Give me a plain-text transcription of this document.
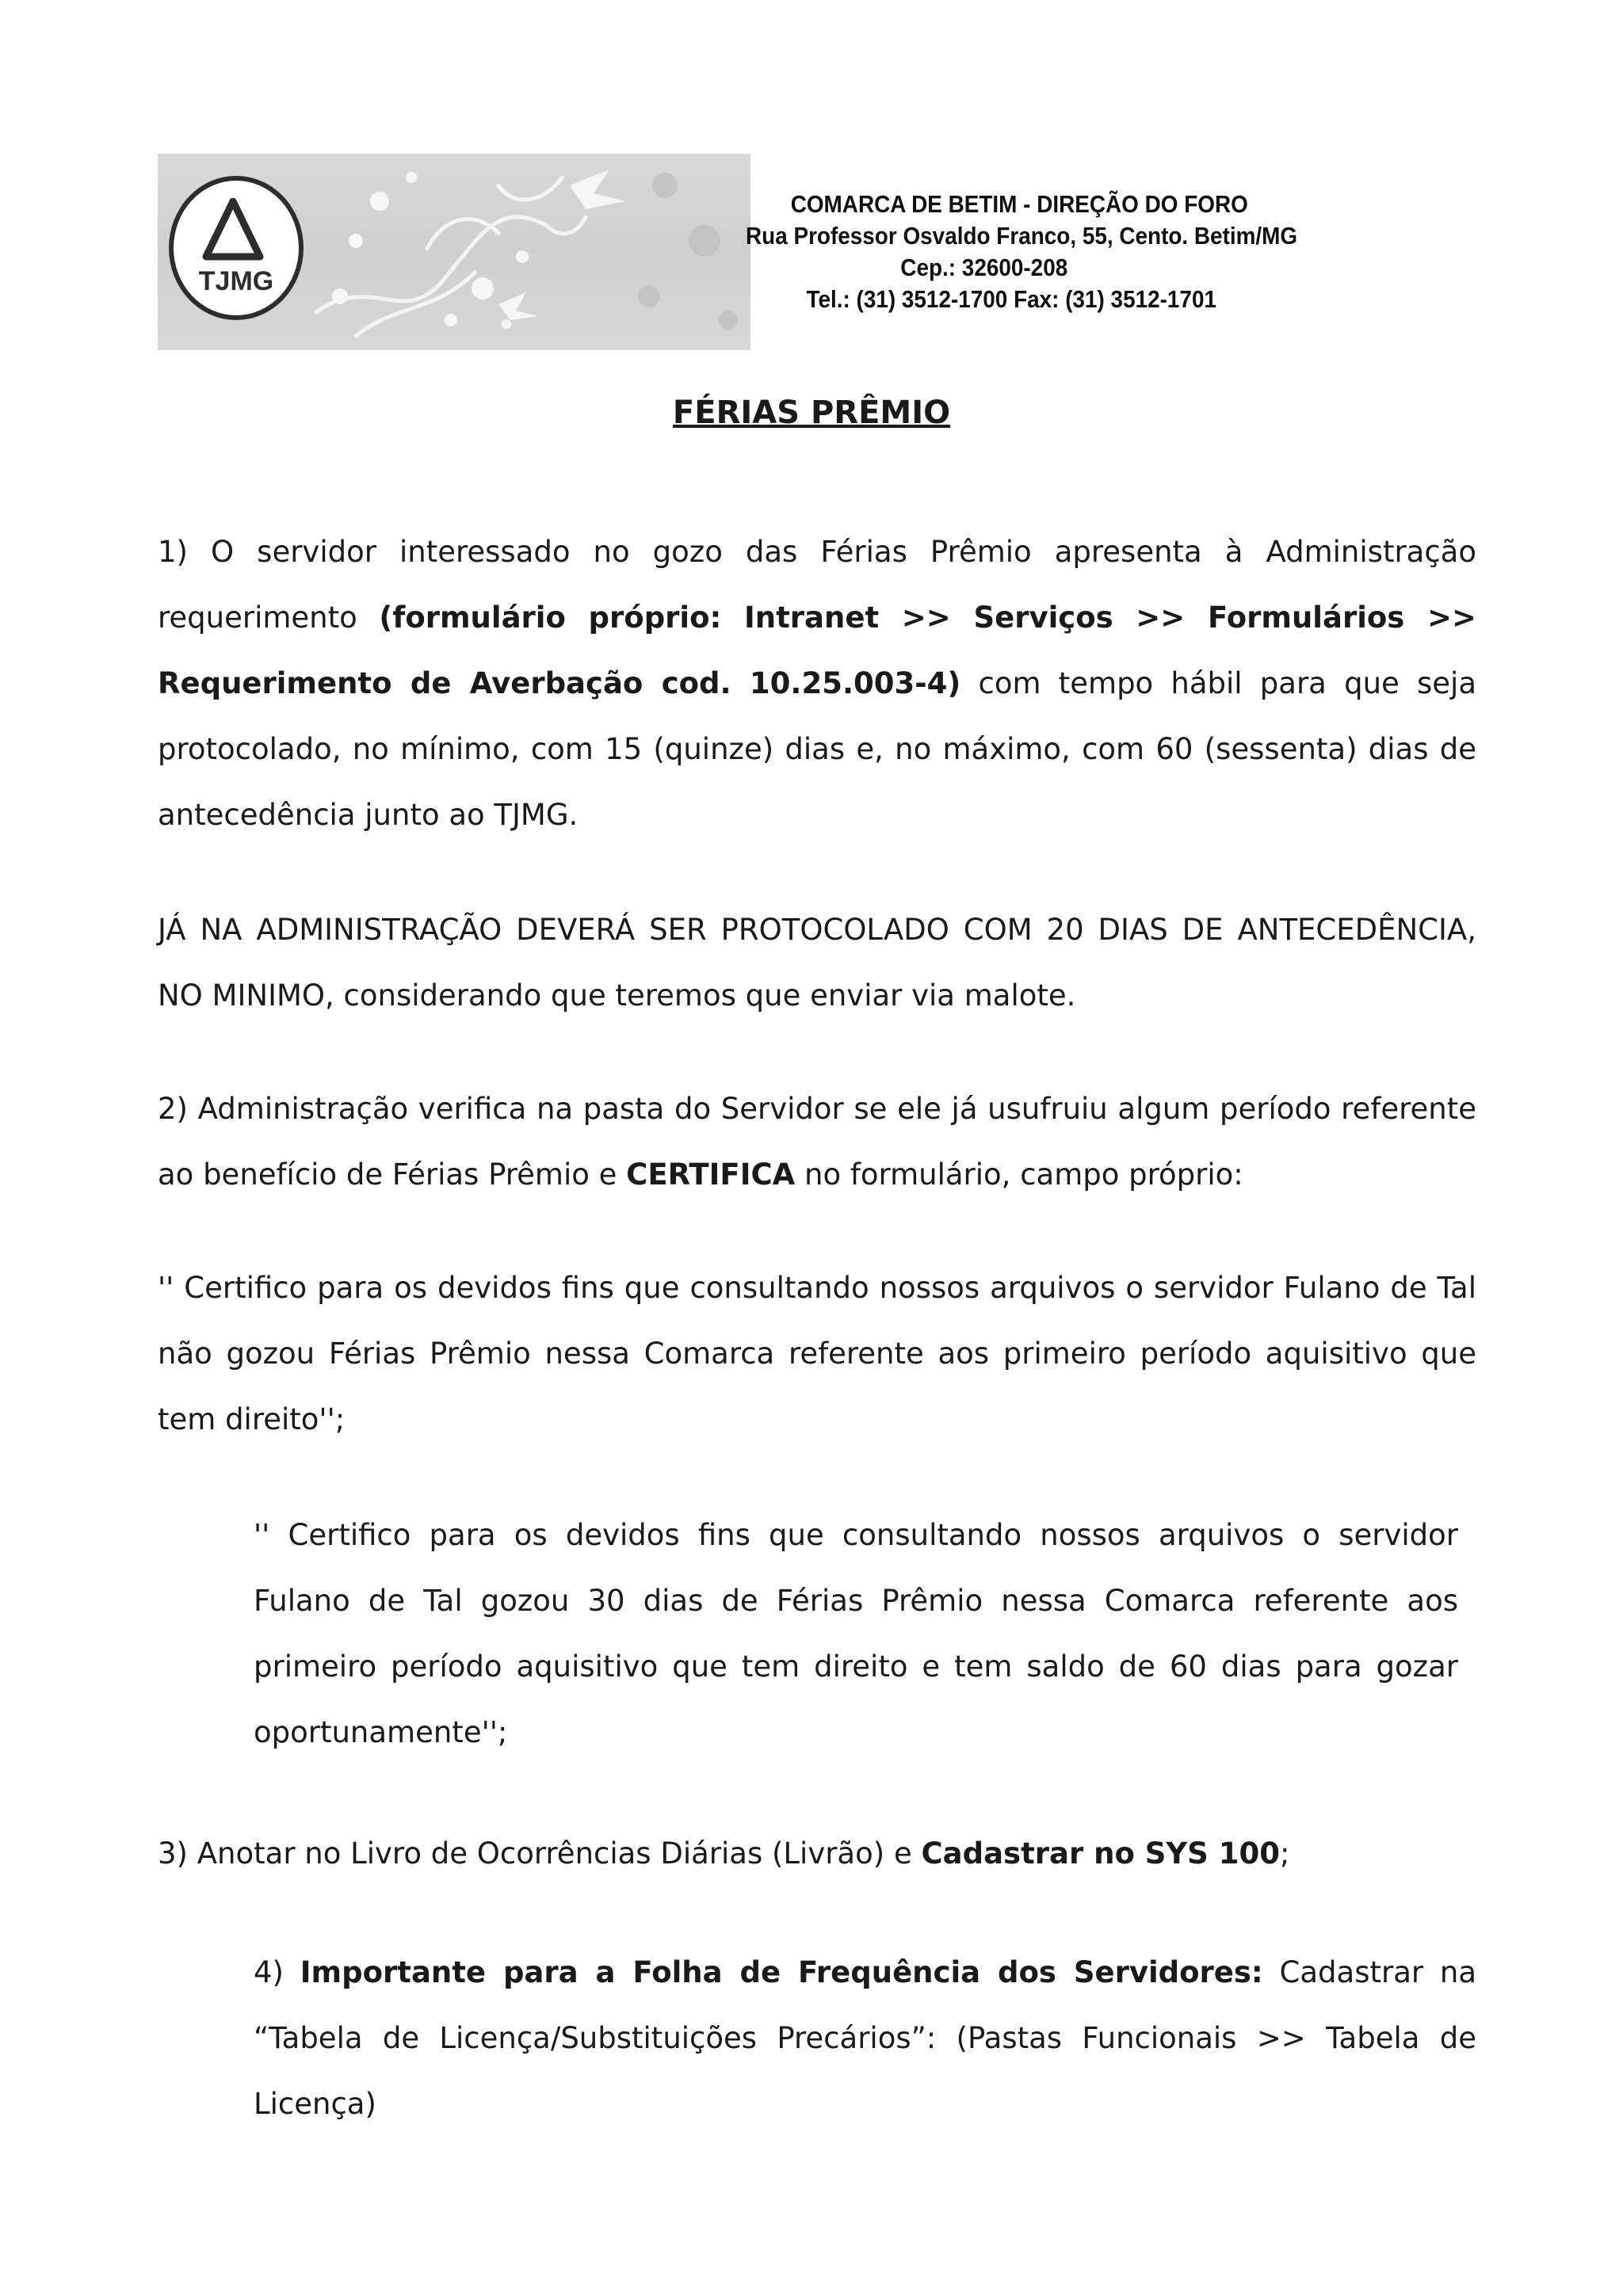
TJMG
COMARCA DE BETIM - DIREÇÃO DO FORO
Rua Professor Osvaldo Franco, 55, Cento. Betim/MG
Cep.: 32600-208
Tel.: (31) 3512-1700 Fax: (31) 3512-1701
FÉRIAS PRÊMIO
1) O servidor interessado no gozo das Férias Prêmio apresenta à Administração requerimento (formulário próprio: Intranet >> Serviços >> Formulários >> Requerimento de Averbação cod. 10.25.003-4) com tempo hábil para que seja protocolado, no mínimo, com 15 (quinze) dias e, no máximo, com 60 (sessenta) dias de antecedência junto ao TJMG.
JÁ NA ADMINISTRAÇÃO DEVERÁ SER PROTOCOLADO COM 20 DIAS DE ANTECEDÊNCIA, NO MINIMO, considerando que teremos que enviar via malote.
2) Administração verifica na pasta do Servidor se ele já usufruiu algum período referente ao benefício de Férias Prêmio e CERTIFICA no formulário, campo próprio:
'' Certifico para os devidos fins que consultando nossos arquivos o servidor Fulano de Tal não gozou Férias Prêmio nessa Comarca referente aos primeiro período aquisitivo que tem direito'';
'' Certifico para os devidos fins que consultando nossos arquivos o servidor Fulano de Tal gozou 30 dias de Férias Prêmio nessa Comarca referente aos primeiro período aquisitivo que tem direito e tem saldo de 60 dias para gozar oportunamente'';
3) Anotar no Livro de Ocorrências Diárias (Livrão) e Cadastrar no SYS 100;
4) Importante para a Folha de Frequência dos Servidores: Cadastrar na “Tabela de Licença/Substituições Precários”: (Pastas Funcionais >> Tabela de Licença)
